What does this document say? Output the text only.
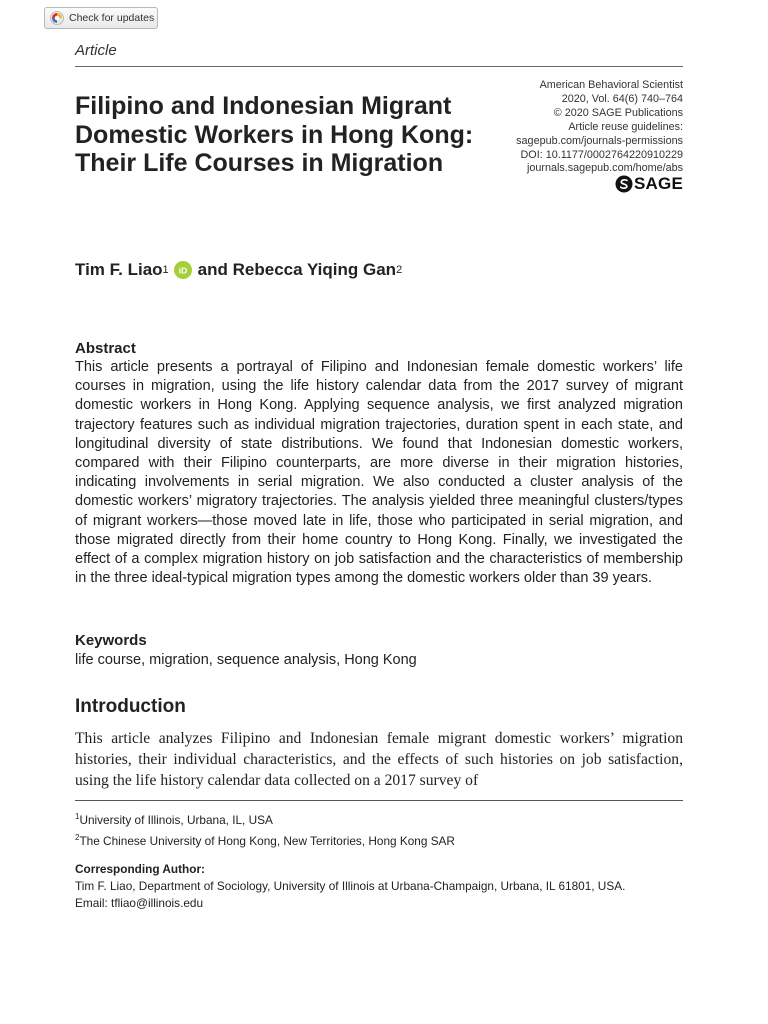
Check for updates
Article
Filipino and Indonesian Migrant Domestic Workers in Hong Kong: Their Life Courses in Migration
American Behavioral Scientist
2020, Vol. 64(6) 740–764
© 2020 SAGE Publications
Article reuse guidelines:
sagepub.com/journals-permissions
DOI: 10.1177/0002764220910229
journals.sagepub.com/home/abs
SAGE
Tim F. Liao 1 iD and Rebecca Yiqing Gan 2
Abstract

This article presents a portrayal of Filipino and Indonesian female domestic workers’ life courses in migration, using the life history calendar data from the 2017 survey of migrant domestic workers in Hong Kong. Applying sequence analysis, we first analyzed migration trajectory features such as individual migration trajectories, duration spent in each state, and longitudinal diversity of state distributions. We found that Indonesian domestic workers, compared with their Filipino counterparts, are more diverse in their migration histories, indicating involvements in serial migration. We also conducted a cluster analysis of the domestic workers’ migratory trajectories. The analysis yielded three meaningful clusters/types of migrant workers—those moved late in life, those who participated in serial migration, and those migrated directly from their home country to Hong Kong. Finally, we investigated the effect of a complex migration history on job satisfaction and the characteristics of membership in the three ideal-typical migration types among the domestic workers older than 39 years.

Keywords

life course, migration, sequence analysis, Hong Kong

Introduction

This article analyzes Filipino and Indonesian female migrant domestic workers’ migration histories, their individual characteristics, and the effects of such histories on job satisfaction, using the life history calendar data collected on a 2017 survey of

$^1$University of Illinois, Urbana, IL, USA

$^2$The Chinese University of Hong Kong, New Territories, Hong Kong SAR

Corresponding Author:

Tim F. Liao, Department of Sociology, University of Illinois at Urbana-Champaign, Urbana, IL 61801, USA.

Email: tfliao@illinois.edu
